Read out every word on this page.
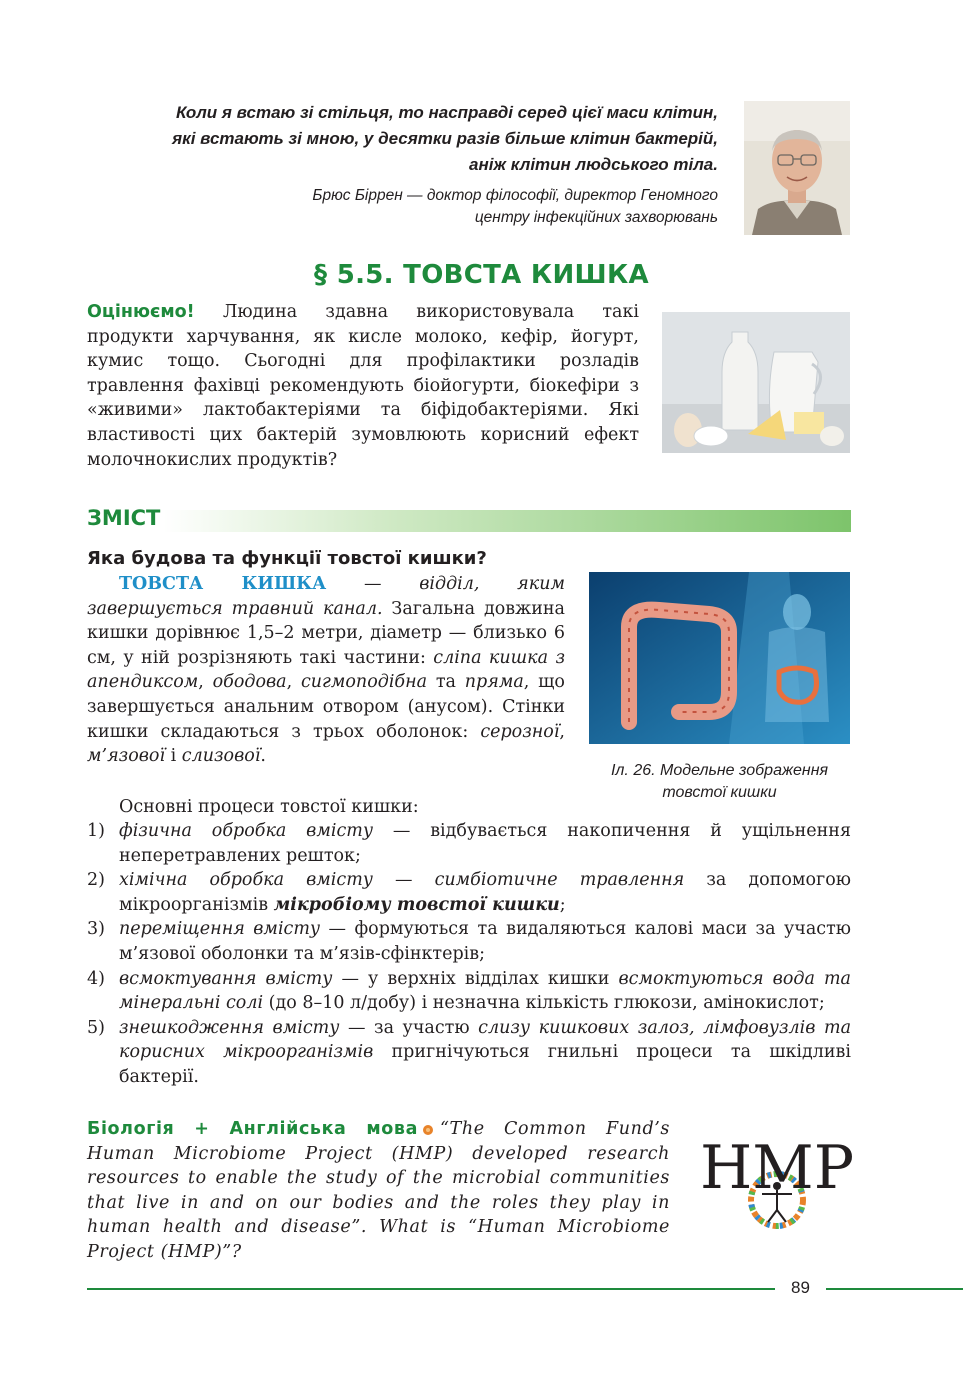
Коли я встаю зі стільця, то насправді серед цієї маси клітин,
які встають зі мною, у десятки разів більше клітин бактерій,
аніж клітин людського тіла.
Брюс Біррен — доктор філософії, директор Геномного
центру інфекційних захворювань
§ 5.5. ТОВСТА КИШКА
Оцінюємо! Людина здавна використовувала такі продукти харчування, як кисле молоко, кефір, йогурт, кумис тощо. Сьогодні для профілактики розладів травлення фахівці рекомендують біойогурти, біокефіри з «живими» лактобактеріями та біфідобактеріями. Які властивості цих бактерій зумовлюють корисний ефект молочнокислих продуктів?
ЗМІСТ
Яка будова та функції товстої кишки?
ТОВСТА КИШКА — відділ, яким завершується травний канал. Загальна довжина кишки дорівнює 1,5–2 метри, діаметр — близько 6 см, у ній розрізняють такі частини: сліпа кишка з апендиксом, ободова, сигмоподібна та пряма, що завершується анальним отвором (анусом). Стінки кишки складаються з трьох оболонок: серозної, м’язової і слизової.
Іл. 26. Модельне зображення товстої кишки
Основні процеси товстої кишки:
1) фізична обробка вмісту — відбувається накопичення й ущільнення неперетравлених решток;
2) хімічна обробка вмісту — симбіотичне травлення за допомогою мікроорганізмів мікробіому товстої кишки;
3) переміщення вмісту — формуються та видаляються калові маси за участю м’язової оболонки та м’язів-сфінктерів;
4) всмоктування вмісту — у верхніх відділах кишки всмоктуються вода та мінеральні солі (до 8–10 л/добу) і незначна кількість глюкози, амінокислот;
5) знешкодження вмісту — за участю слизу кишкових залоз, лімфовузлів та корисних мікроорганізмів пригнічуються гнильні процеси та шкідливі бактерії.
Біологія + Англійська мова “The Common Fund’s Human Microbiome Project (HMP) developed research resources to enable the study of the microbial communities that live in and on our bodies and the roles they play in human health and disease”. What is “Human Microbiome Project (HMP)”?
HMP
89
